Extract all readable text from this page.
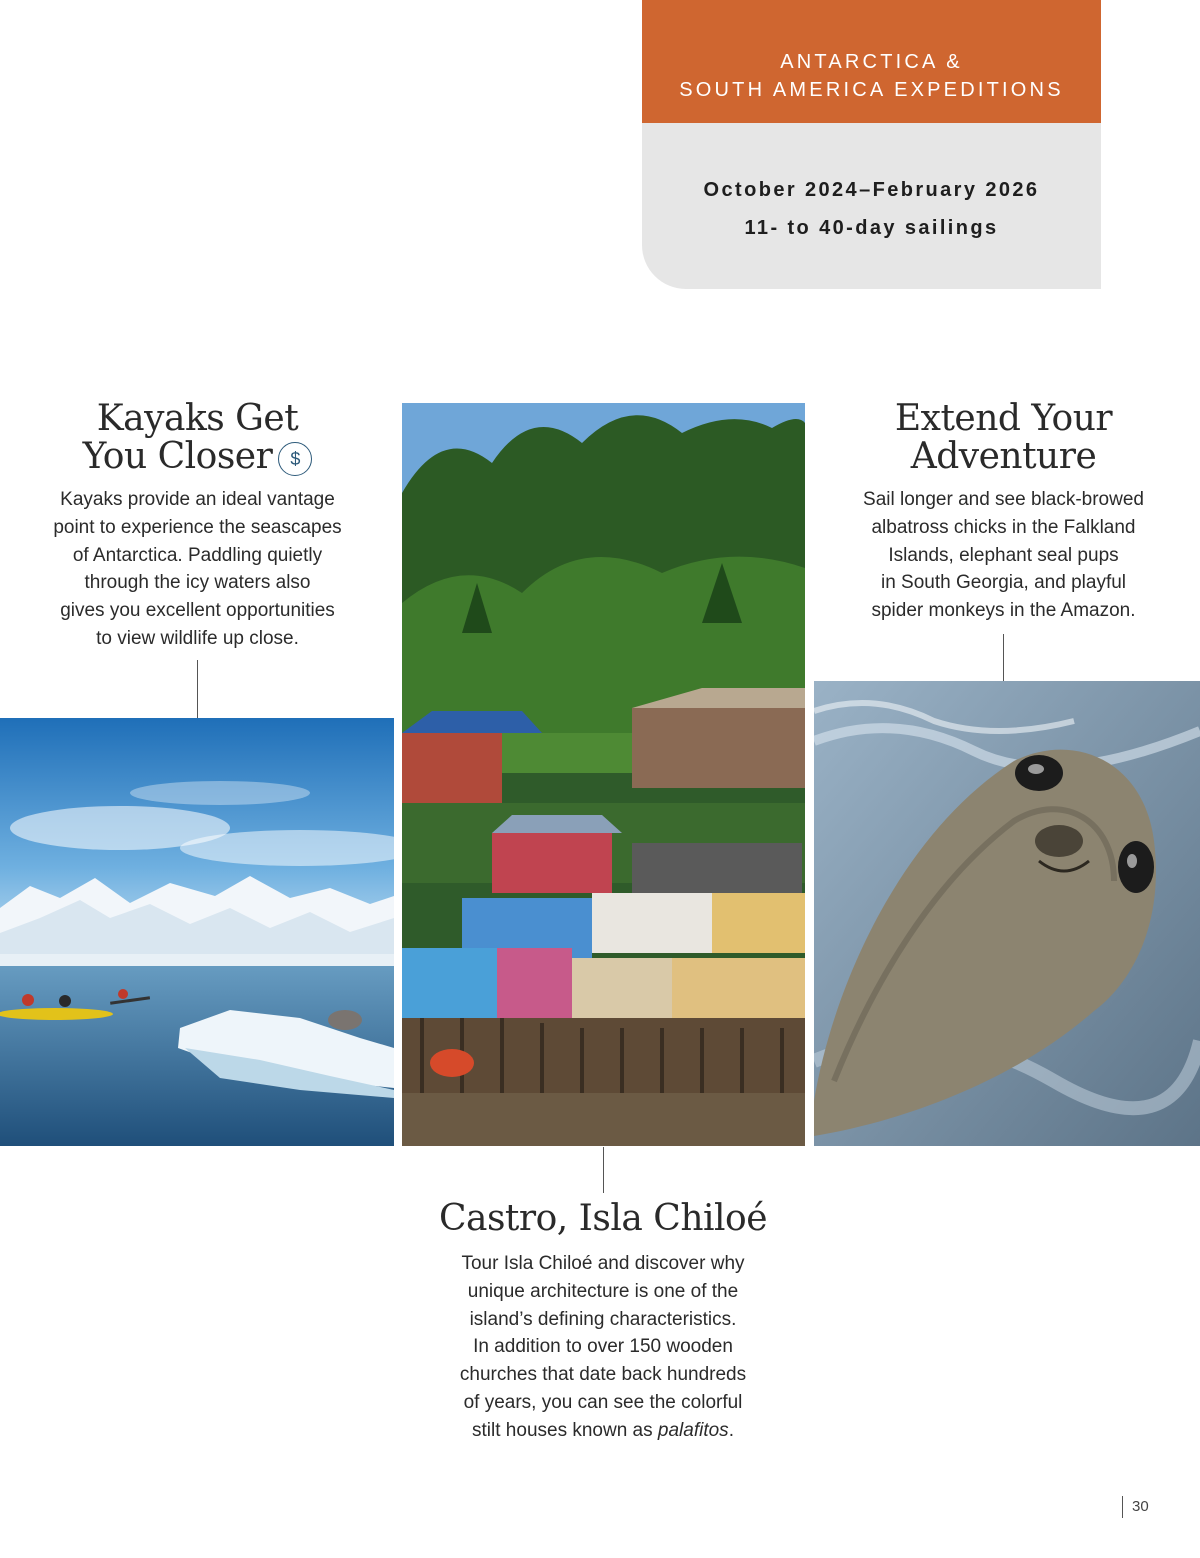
ANTARCTICA &
SOUTH AMERICA EXPEDITIONS
October 2024–February 2026
11- to 40-day sailings
Kayaks Get
You Closer $
Kayaks provide an ideal vantage
point to experience the seascapes
of Antarctica. Paddling quietly
through the icy waters also
gives you excellent opportunities
to view wildlife up close.
Extend Your
Adventure
Sail longer and see black-browed
albatross chicks in the Falkland
Islands, elephant seal pups
in South Georgia, and playful
spider monkeys in the Amazon.
Castro, Isla Chiloé
Tour Isla Chiloé and discover why
unique architecture is one of the
island’s defining characteristics.
In addition to over 150 wooden
churches that date back hundreds
of years, you can see the colorful
stilt houses known as palafitos.
30
